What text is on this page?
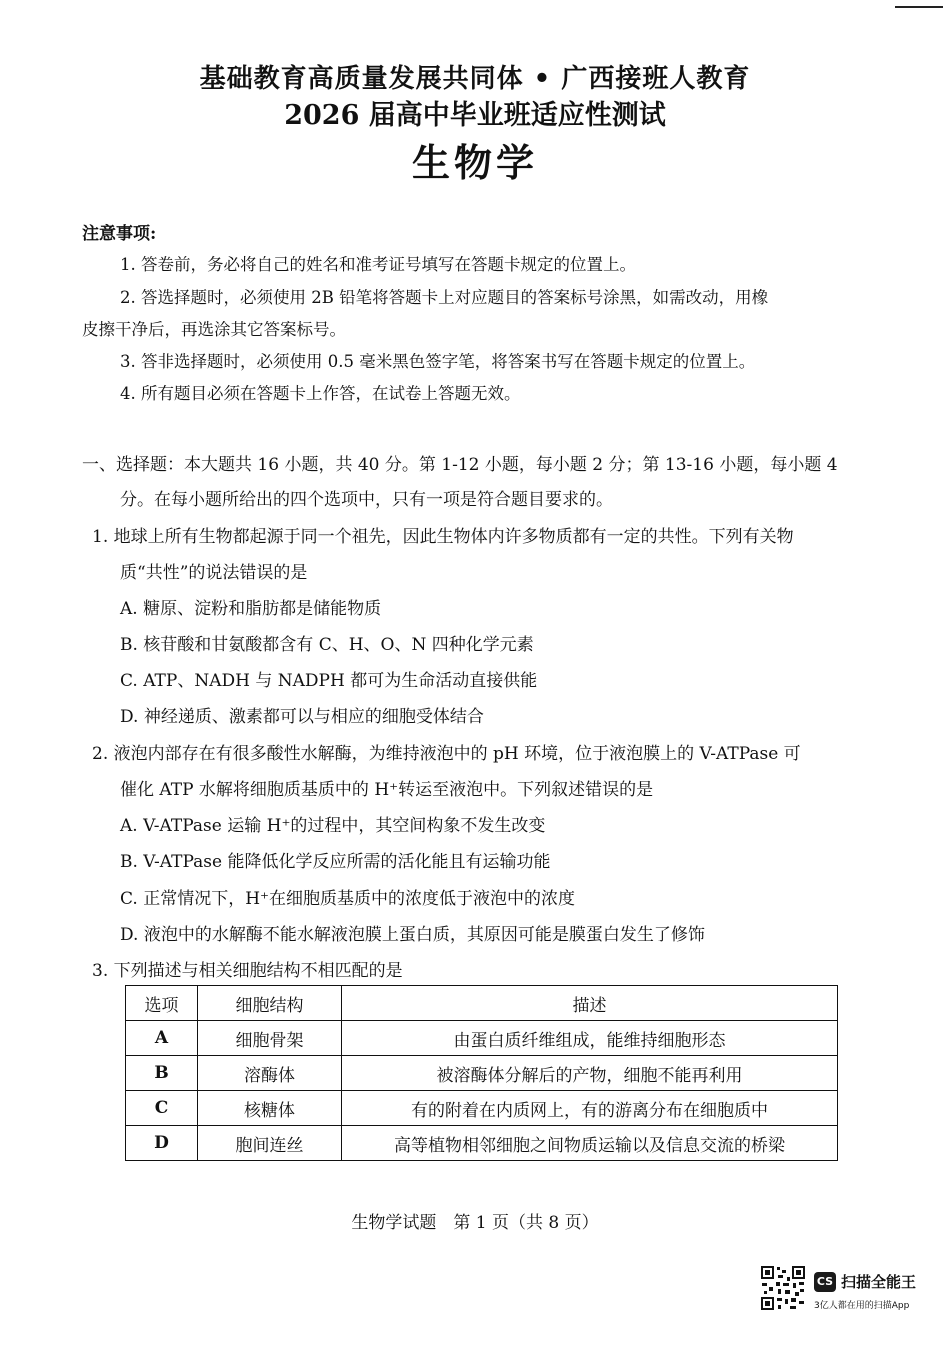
基础教育高质量发展共同体 • 广西接班人教育
2026 届高中毕业班适应性测试
生物学
注意事项:
1. 答卷前，务必将自己的姓名和准考证号填写在答题卡规定的位置上。
2. 答选择题时，必须使用 2B 铅笔将答题卡上对应题目的答案标号涂黑，如需改动，用橡
皮擦干净后，再选涂其它答案标号。
3. 答非选择题时，必须使用 0.5 毫米黑色签字笔，将答案书写在答题卡规定的位置上。
4. 所有题目必须在答题卡上作答，在试卷上答题无效。
一、选择题：本大题共 16 小题，共 40 分。第 1-12 小题，每小题 2 分；第 13-16 小题，每小题 4
分。在每小题所给出的四个选项中，只有一项是符合题目要求的。
1. 地球上所有生物都起源于同一个祖先，因此生物体内许多物质都有一定的共性。下列有关物
质“共性”的说法错误的是
A. 糖原、淀粉和脂肪都是储能物质
B. 核苷酸和甘氨酸都含有 C、H、O、N 四种化学元素
C. ATP、NADH 与 NADPH 都可为生命活动直接供能
D. 神经递质、激素都可以与相应的细胞受体结合
2. 液泡内部存在有很多酸性水解酶，为维持液泡中的 pH 环境，位于液泡膜上的 V-ATPase 可
催化 ATP 水解将细胞质基质中的 H⁺转运至液泡中。下列叙述错误的是
A. V-ATPase 运输 H⁺的过程中，其空间构象不发生改变
B. V-ATPase 能降低化学反应所需的活化能且有运输功能
C. 正常情况下，H⁺在细胞质基质中的浓度低于液泡中的浓度
D. 液泡中的水解酶不能水解液泡膜上蛋白质，其原因可能是膜蛋白发生了修饰
3. 下列描述与相关细胞结构不相匹配的是
选项	细胞结构	描述
A	细胞骨架	由蛋白质纤维组成，能维持细胞形态
B	溶酶体	被溶酶体分解后的产物，细胞不能再利用
C	核糖体	有的附着在内质网上，有的游离分布在细胞质中
D	胞间连丝	高等植物相邻细胞之间物质运输以及信息交流的桥梁
生物学试题　第 1 页（共 8 页）
CS 扫描全能王
3亿人都在用的扫描App
